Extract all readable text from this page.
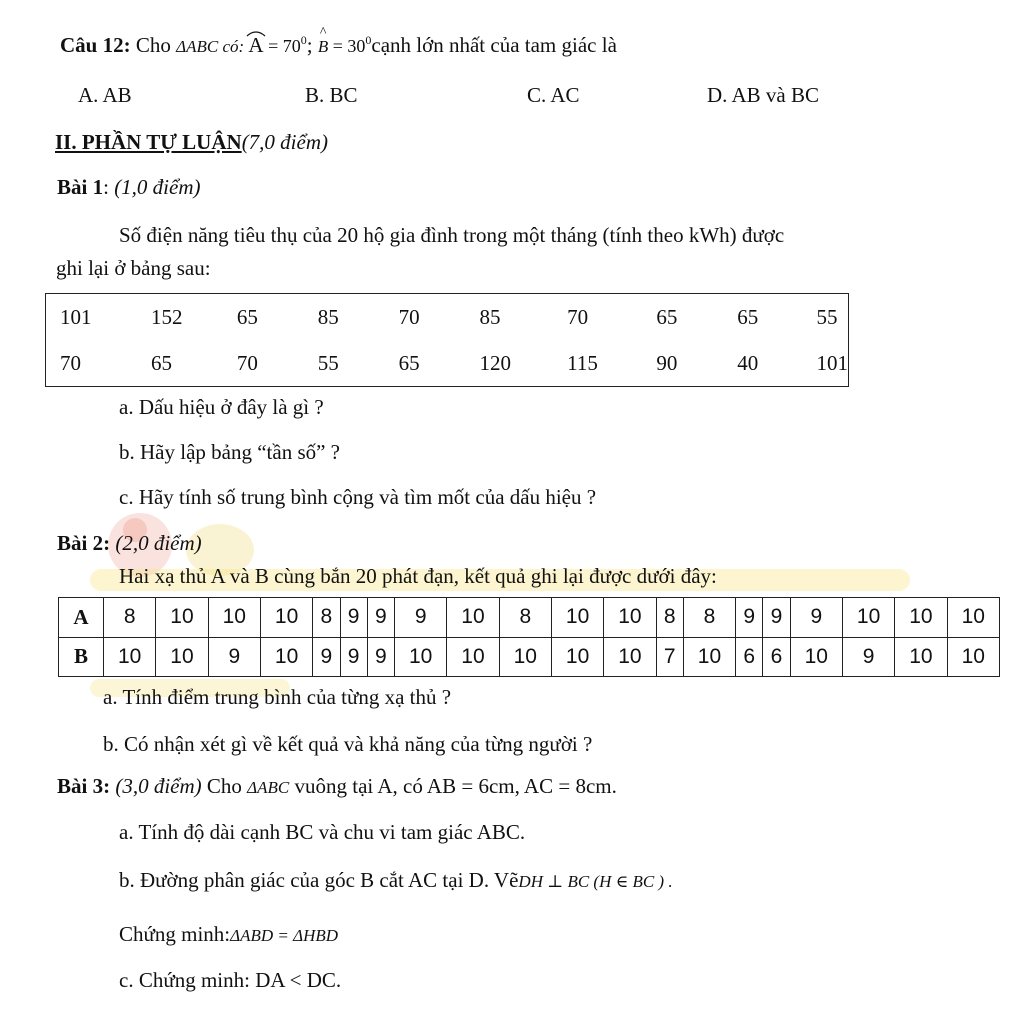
Câu 12: Cho ΔABC có:
$A = 70^0$;
^
$B = 30^0cạnh$ lớn nhất của tam giác là
A. AB	B. BC	C. AC	D. AB và BC
II. PHẦN TỰ LUẬN(7,0 điểm)
Bài 1: (1,0 điểm)
Số điện năng tiêu thụ của 20 hộ gia đình trong một tháng (tính theo kWh) được
ghi lại ở bảng sau:
101	152	65	85	70	85	70	65	65	55
70	65	70	55	65	120	115	90	40	101
a. Dấu hiệu ở đây là gì ?
b. Hãy lập bảng “tần số” ?
c. Hãy tính số trung bình cộng và tìm mốt của dấu hiệu ?
Bài 2: (2,0 điểm)
Hai xạ thủ A và B cùng bắn 20 phát đạn, kết quả ghi lại được dưới đây:
A	8	10	10	10	8	9	9	9	10	8	10	10	8	8	9	9	9	10	10	10
B	10	10	9	10	9	9	9	10	10	10	10	10	7	10	6	6	10	9	10	10
a. Tính điểm trung bình của từng xạ thủ ?
b. Có nhận xét gì về kết quả và khả năng của từng người ?
Bài 3: (3,0 điểm) Cho ΔABC vuông tại A, có AB = 6cm, AC = 8cm.
a. Tính độ dài cạnh BC và chu vi tam giác ABC.
b. Đường phân giác của góc B cắt AC tại D. VẽDH ⊥ BC (H ∈ BC ) .
Chứng minh:ΔABD = ΔHBD
c. Chứng minh: DA < DC.
